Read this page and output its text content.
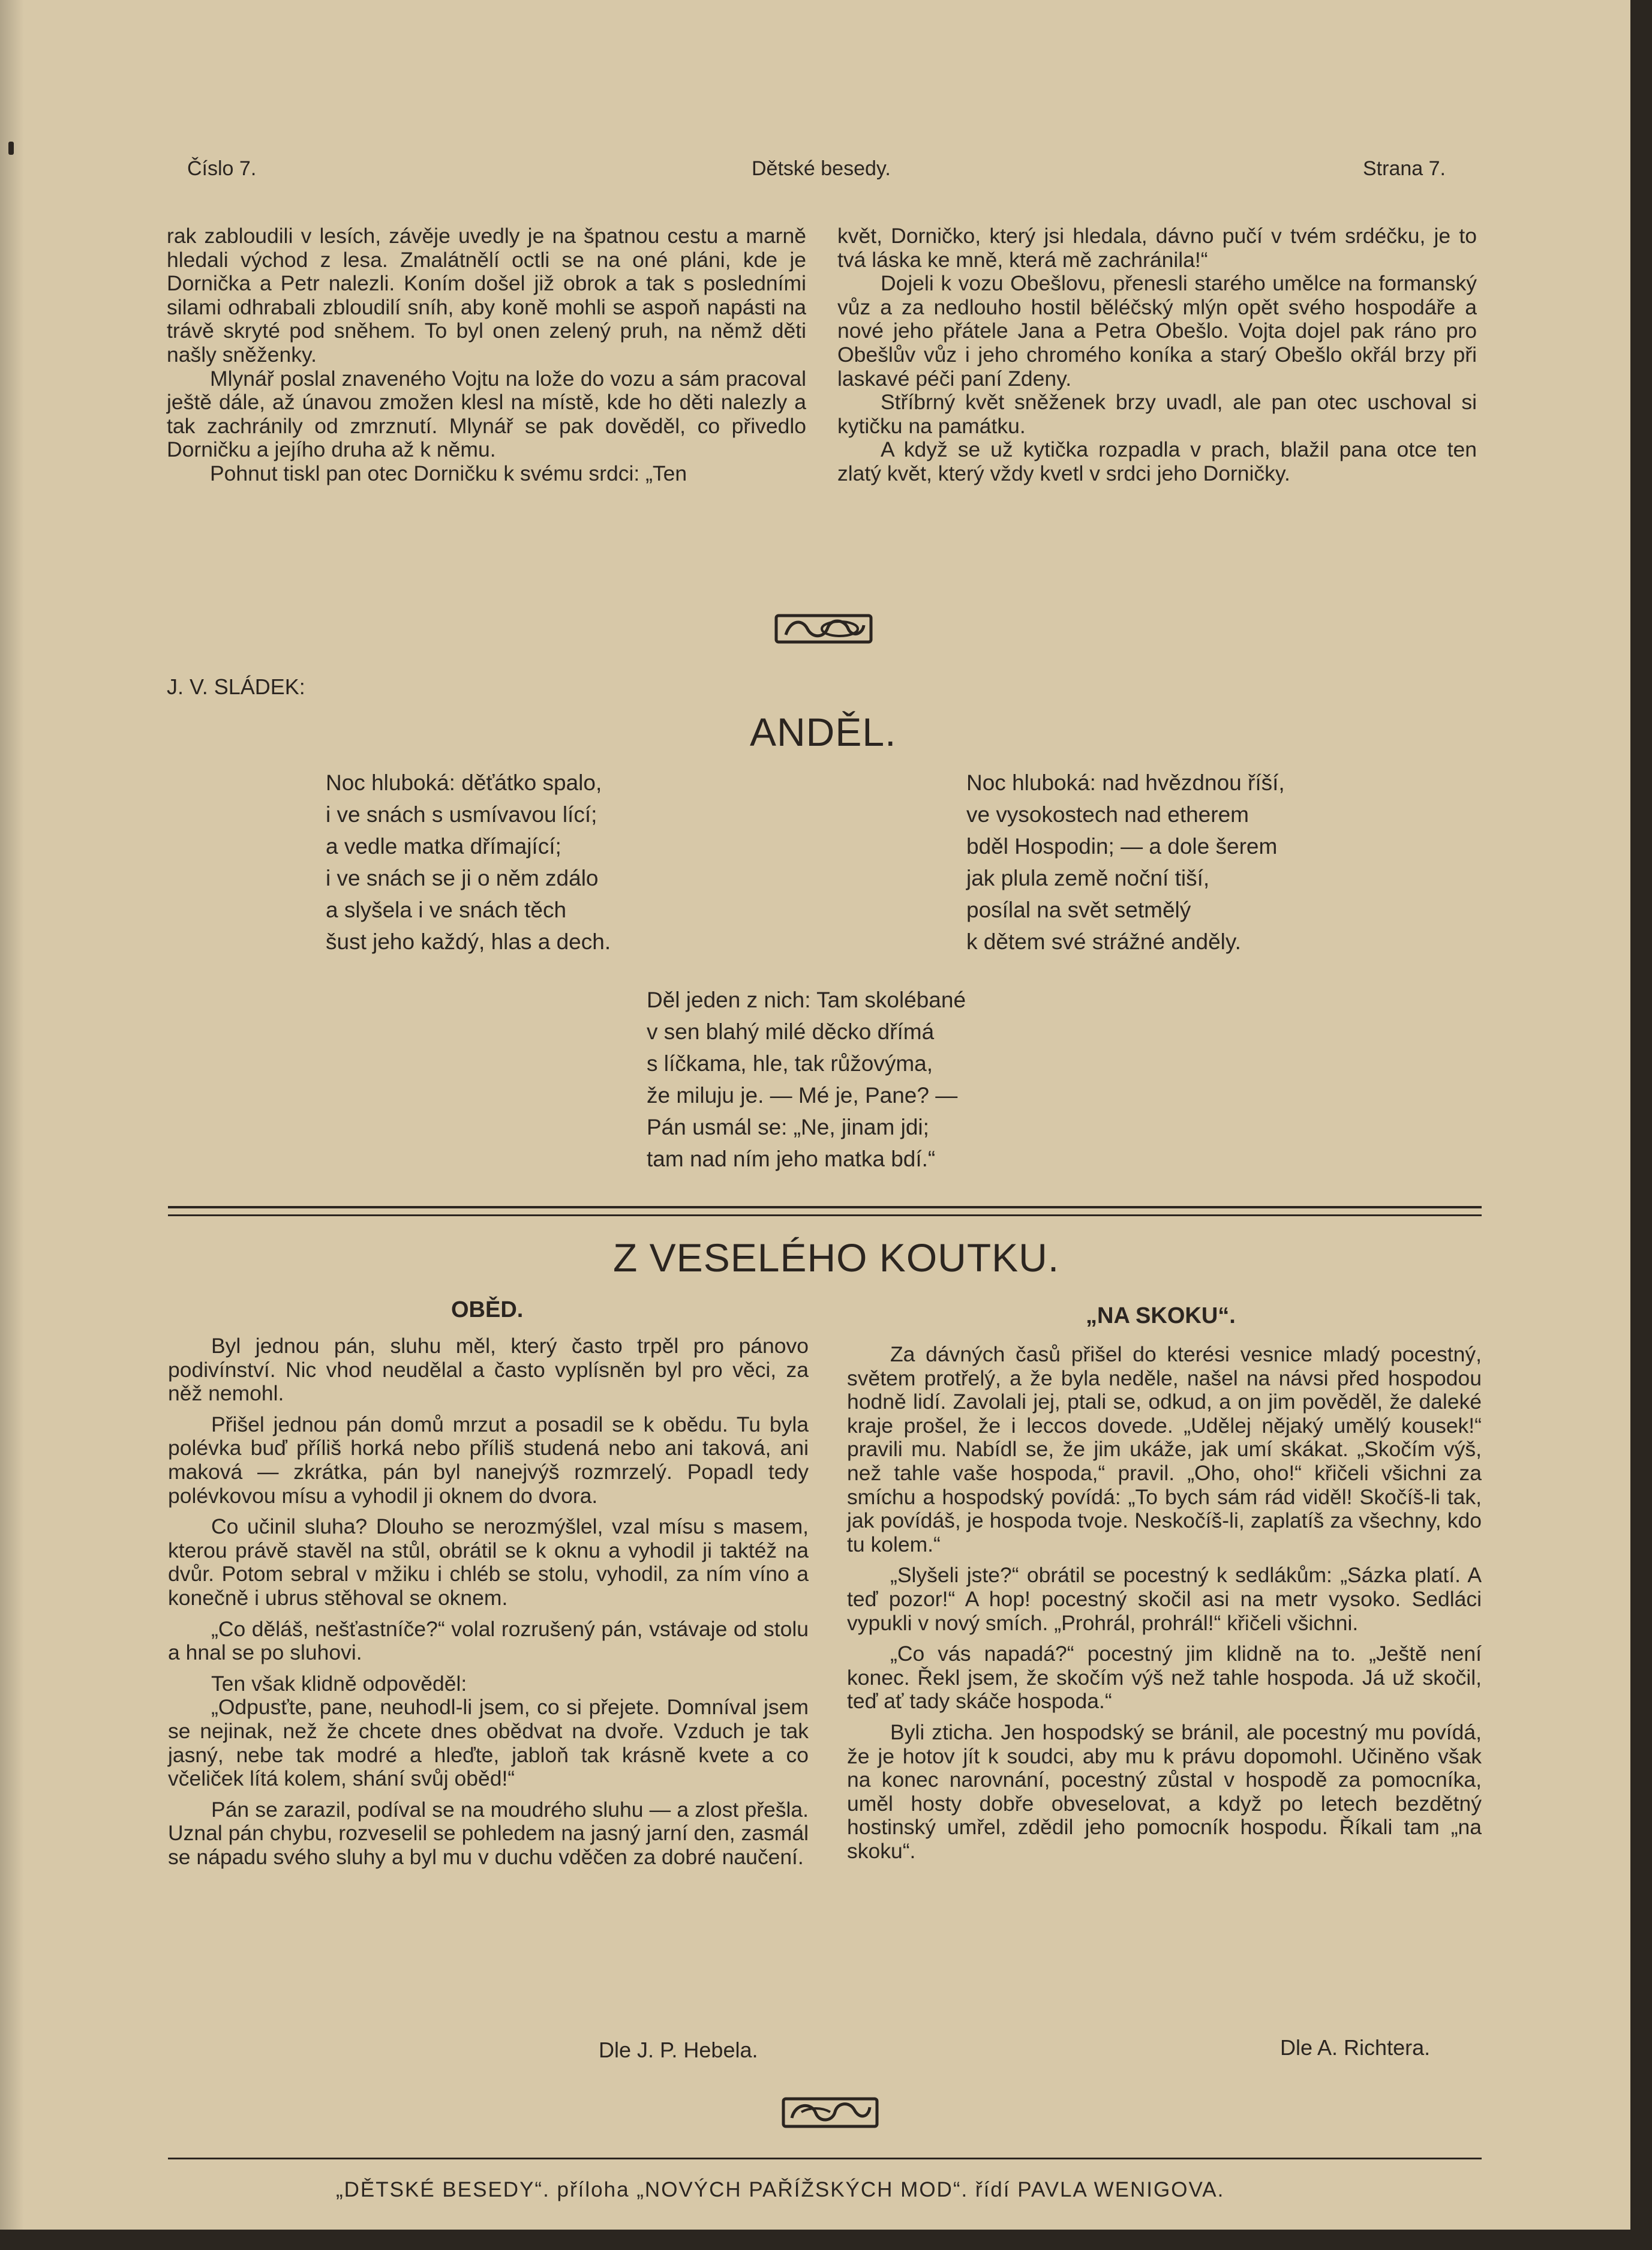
Číslo 7.	Dětské besedy.	Strana 7.

rak zabloudili v lesích, závěje uvedly je na špatnou cestu a marně hledali východ z lesa. Zmalátnělí octli se na oné pláni, kde je Dornička a Petr nalezli. Koním došel již obrok a tak s posledními silami odhrabali zbloudilí sníh, aby koně mohli se aspoň napásti na trávě skryté pod sněhem. To byl onen zelený pruh, na němž děti našly sněženky.

Mlynář poslal znaveného Vojtu na lože do vozu a sám pracoval ještě dále, až únavou zmožen klesl na místě, kde ho děti nalezly a tak zachránily od zmrznutí. Mlynář se pak dověděl, co přivedlo Dorničku a jejího druha až k němu.

Pohnut tiskl pan otec Dorničku k svému srdci: „Ten

květ, Dorničko, který jsi hledala, dávno pučí v tvém srdéčku, je to tvá láska ke mně, která mě zachránila!“

Dojeli k vozu Obešlovu, přenesli starého umělce na formanský vůz a za nedlouho hostil běléčský mlýn opět svého hospodáře a nové jeho přátele Jana a Petra Obešlo. Vojta dojel pak ráno pro Obešlův vůz i jeho chromého koníka a starý Obešlo okřál brzy při laskavé péči paní Zdeny.

Stříbrný květ sněženek brzy uvadl, ale pan otec uschoval si kytičku na památku.

A když se už kytička rozpadla v prach, blažil pana otce ten zlatý květ, který vždy kvetl v srdci jeho Dorničky.

J. V. SLÁDEK:
ANDĚL.
Noc hluboká: děťátko spalo,
i ve snách s usmívavou lící;
a vedle matka dřímající;
i ve snách se ji o něm zdálo
a slyšela i ve snách těch
šust jeho každý, hlas a dech.
Noc hluboká: nad hvězdnou říší,
ve vysokostech nad etherem
bděl Hospodin; — a dole šerem
jak plula země noční tiší,
posílal na svět setmělý
k dětem své strážné anděly.
Děl jeden z nich: Tam skolébané
v sen blahý milé děcko dřímá
s líčkama, hle, tak růžovýma,
že miluju je. — Mé je, Pane? —
Pán usmál se: „Ne, jinam jdi;
tam nad ním jeho matka bdí.“
Z VESELÉHO KOUTKU.
OBĚD.

Byl jednou pán, sluhu měl, který často trpěl pro pánovo podivínství. Nic vhod neudělal a často vyplísněn byl pro věci, za něž nemohl.

Přišel jednou pán domů mrzut a posadil se k obědu. Tu byla polévka buď příliš horká nebo příliš studená nebo ani taková, ani maková — zkrátka, pán byl nanejvýš rozmrzelý. Popadl tedy polévkovou mísu a vyhodil ji oknem do dvora.

Co učinil sluha? Dlouho se nerozmýšlel, vzal mísu s masem, kterou právě stavěl na stůl, obrátil se k oknu a vyhodil ji taktéž na dvůr. Potom sebral v mžiku i chléb se stolu, vyhodil, za ním víno a konečně i ubrus stěhoval se oknem.

„Co děláš, nešťastníče?“ volal rozrušený pán, vstávaje od stolu a hnal se po sluhovi.

Ten však klidně odpověděl:

„Odpusťte, pane, neuhodl-li jsem, co si přejete. Domníval jsem se nejinak, než že chcete dnes obědvat na dvoře. Vzduch je tak jasný, nebe tak modré a hleďte, jabloň tak krásně kvete a co včeliček lítá kolem, shání svůj oběd!“

Pán se zarazil, podíval se na moudrého sluhu — a zlost přešla. Uznal pán chybu, rozveselil se pohledem na jasný jarní den, zasmál se nápadu svého sluhy a byl mu v duchu vděčen za dobré naučení.

Dle J. P. Hebela.
„NA SKOKU“.

Za dávných časů přišel do kterési vesnice mladý pocestný, světem protřelý, a že byla neděle, našel na návsi před hospodou hodně lidí. Zavolali jej, ptali se, odkud, a on jim pověděl, že daleké kraje prošel, že i leccos dovede. „Udělej nějaký umělý kousek!“ pravili mu. Nabídl se, že jim ukáže, jak umí skákat. „Skočím výš, než tahle vaše hospoda,“ pravil. „Oho, oho!“ křičeli všichni za smíchu a hospodský povídá: „To bych sám rád viděl! Skočíš-li tak, jak povídáš, je hospoda tvoje. Neskočíš-li, zaplatíš za všechny, kdo tu kolem.“

„Slyšeli jste?“ obrátil se pocestný k sedlákům: „Sázka platí. A teď pozor!“ A hop! pocestný skočil asi na metr vysoko. Sedláci vypukli v nový smích. „Prohrál, prohrál!“ křičeli všichni.

„Co vás napadá?“ pocestný jim klidně na to. „Ještě není konec. Řekl jsem, že skočím výš než tahle hospoda. Já už skočil, teď ať tady skáče hospoda.“

Byli zticha. Jen hospodský se bránil, ale pocestný mu povídá, že je hotov jít k soudci, aby mu k právu dopomohl. Učiněno však na konec narovnání, pocestný zůstal v hospodě za pomocníka, uměl hosty dobře obveselovat, a když po letech bezdětný hostinský umřel, zdědil jeho pomocník hospodu. Říkali tam „na skoku“.

Dle A. Richtera.
„DĚTSKÉ BESEDY“. příloha „NOVÝCH PAŘÍŽSKÝCH MOD“. řídí PAVLA WENIGOVA.
